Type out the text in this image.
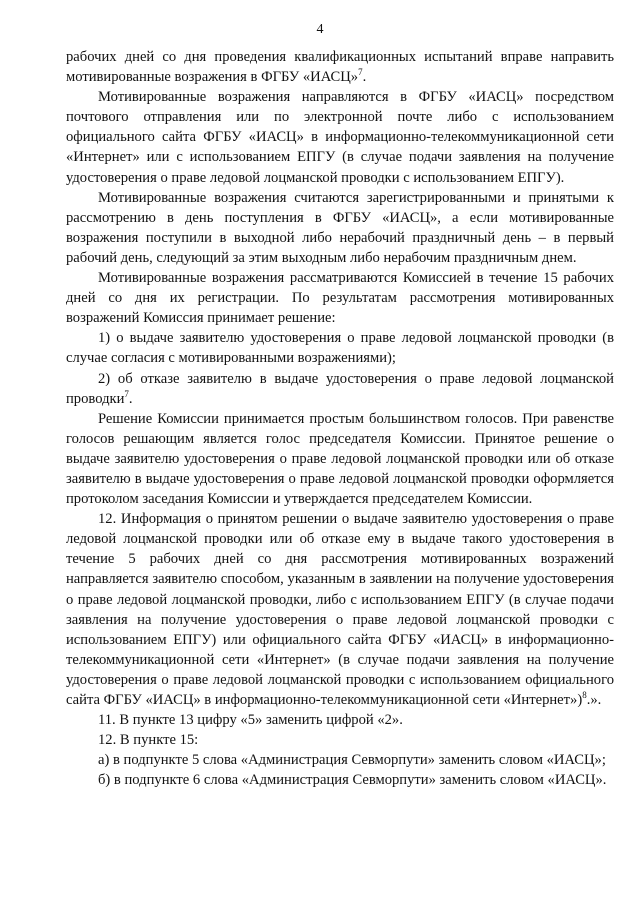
4

рабочих дней со дня проведения квалификационных испытаний вправе направить мотивированные возражения в ФГБУ «ИАСЦ»$^7$.

Мотивированные возражения направляются в ФГБУ «ИАСЦ» посредством почтового отправления или по электронной почте либо с использованием официального сайта ФГБУ «ИАСЦ» в информационно-телекоммуникационной сети «Интернет» или с использованием ЕПГУ (в случае подачи заявления на получение удостоверения о праве ледовой лоцманской проводки с использованием ЕПГУ).

Мотивированные возражения считаются зарегистрированными и принятыми к рассмотрению в день поступления в ФГБУ «ИАСЦ», а если мотивированные возражения поступили в выходной либо нерабочий праздничный день – в первый рабочий день, следующий за этим выходным либо нерабочим праздничным днем.

Мотивированные возражения рассматриваются Комиссией в течение 15 рабочих дней со дня их регистрации. По результатам рассмотрения мотивированных возражений Комиссия принимает решение:

1) о выдаче заявителю удостоверения о праве ледовой лоцманской проводки (в случае согласия с мотивированными возражениями);

2) об отказе заявителю в выдаче удостоверения о праве ледовой лоцманской проводки$^7$.

Решение Комиссии принимается простым большинством голосов. При равенстве голосов решающим является голос председателя Комиссии. Принятое решение о выдаче заявителю удостоверения о праве ледовой лоцманской проводки или об отказе заявителю в выдаче удостоверения о праве ледовой лоцманской проводки оформляется протоколом заседания Комиссии и утверждается председателем Комиссии.

12. Информация о принятом решении о выдаче заявителю удостоверения о праве ледовой лоцманской проводки или об отказе ему в выдаче такого удостоверения в течение 5 рабочих дней со дня рассмотрения мотивированных возражений направляется заявителю способом, указанным в заявлении на получение удостоверения о праве ледовой лоцманской проводки, либо с использованием ЕПГУ (в случае подачи заявления на получение удостоверения о праве ледовой лоцманской проводки с использованием ЕПГУ) или официального сайта ФГБУ «ИАСЦ» в информационно-телекоммуникационной сети «Интернет» (в случае подачи заявления на получение удостоверения о праве ледовой лоцманской проводки с использованием официального сайта ФГБУ «ИАСЦ» в информационно-телекоммуникационной сети «Интернет»)$^8$.».

11. В пункте 13 цифру «5» заменить цифрой «2».

12. В пункте 15:

а) в подпункте 5 слова «Администрация Севморпути» заменить словом «ИАСЦ»;

б) в подпункте 6 слова «Администрация Севморпути» заменить словом «ИАСЦ».
